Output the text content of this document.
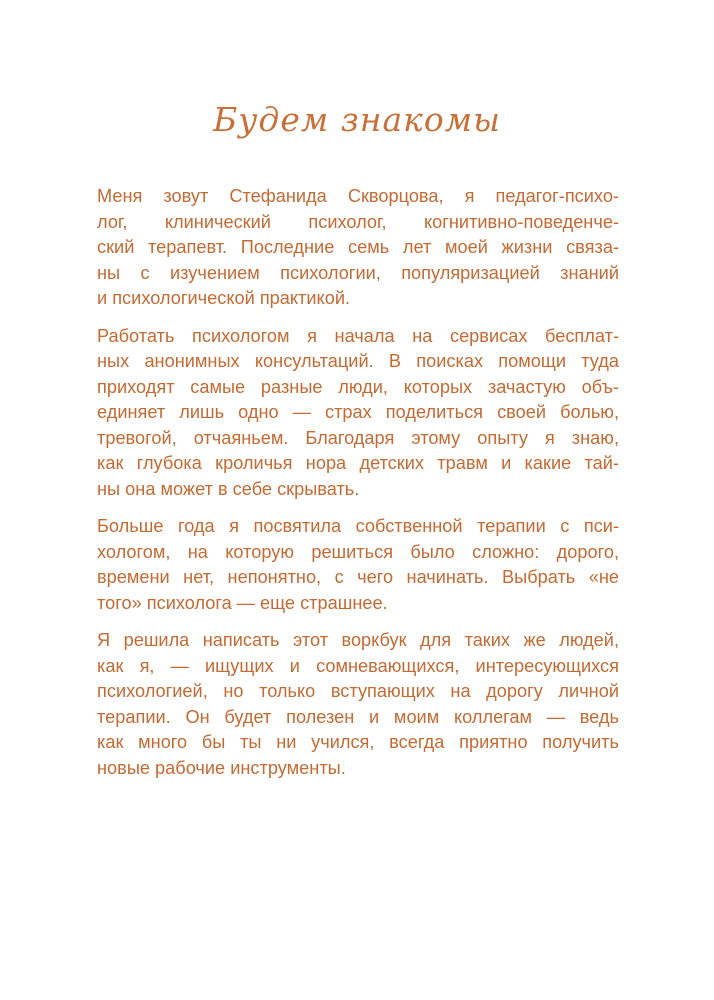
Будем знакомы

Меня зовут Стефанида Скворцова, я педагог-психо-
лог, клинический психолог, когнитивно-поведенче-
ский терапевт. Последние семь лет моей жизни связа-
ны с изучением психологии, популяризацией знаний
и психологической практикой.

Работать психологом я начала на сервисах бесплат-
ных анонимных консультаций. В поисках помощи туда
приходят самые разные люди, которых зачастую объ-
единяет лишь одно — страх поделиться своей болью,
тревогой, отчаяньем. Благодаря этому опыту я знаю,
как глубока кроличья нора детских травм и какие тай-
ны она может в себе скрывать.

Больше года я посвятила собственной терапии с пси-
хологом, на которую решиться было сложно: дорого,
времени нет, непонятно, с чего начинать. Выбрать «не
того» психолога — еще страшнее.

Я решила написать этот воркбук для таких же людей,
как я, — ищущих и сомневающихся, интересующихся
психологией, но только вступающих на дорогу личной
терапии. Он будет полезен и моим коллегам — ведь
как много бы ты ни учился, всегда приятно получить
новые рабочие инструменты.
